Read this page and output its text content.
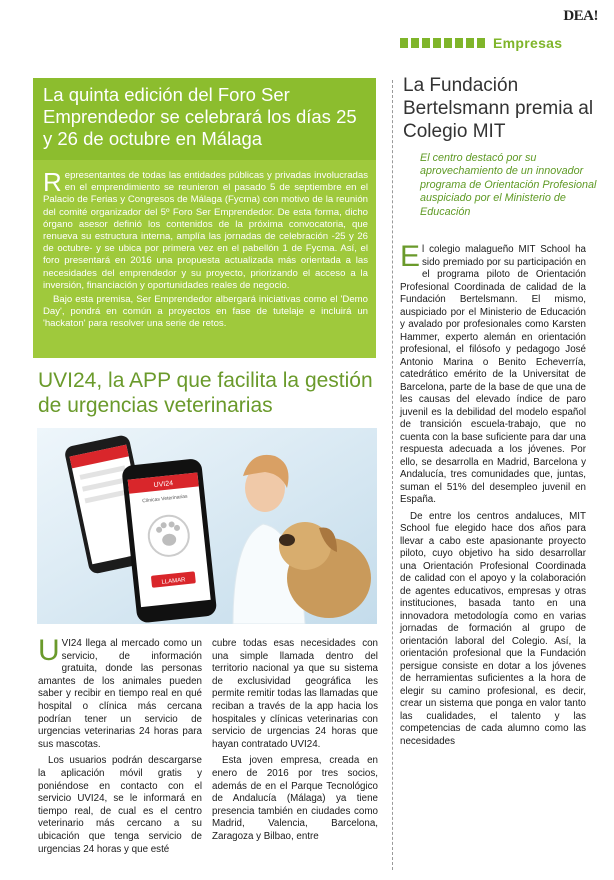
DEA!
Empresas
La quinta edición del Foro Ser Emprendedor se celebrará los días 25 y 26 de octubre en Málaga

Representantes de todas las entidades públicas y privadas involucradas en el emprendimiento se reunieron el pasado 5 de septiembre en el Palacio de Ferias y Congresos de Málaga (Fycma) con motivo de la reunión del comité organizador del 5º Foro Ser Emprendedor. De esta forma, dicho órgano asesor definió los contenidos de la próxima convocatoria, que renueva su estructura interna, amplía las jornadas de celebración -25 y 26 de octubre- y se ubica por primera vez en el pabellón 1 de Fycma. Así, el foro presentará en 2016 una propuesta actualizada más orientada a las necesidades del emprendedor y su proyecto, priorizando el acceso a la inversión, financiación y oportunidades reales de negocio.

Bajo esta premisa, Ser Emprendedor albergará iniciativas como el 'Demo Day', pondrá en común a proyectos en fase de tutelaje e incluirá un 'hackaton' para resolver una serie de retos.

UVI24, la APP que facilita la gestión de urgencias veterinarias
UVI24
Clínicas Veterinarias
LLAMAR

UVI24 llega al mercado como un servicio, de información gratuita, donde las personas amantes de los animales pueden saber y recibir en tiempo real en qué hospital o clínica más cercana podrían tener un servicio de urgencias veterinarias 24 horas para sus mascotas.

Los usuarios podrán descargarse la aplicación móvil gratis y poniéndose en contacto con el servicio UVI24, se le informará en tiempo real, de cual es el centro veterinario más cercano a su ubicación que tenga servicio de urgencias 24 horas y que esté

cubre todas esas necesidades con una simple llamada dentro del territorio nacional ya que su sistema de exclusividad geográfica les permite remitir todas las llamadas que reciban a través de la app hacia los hospitales y clínicas veterinarias con servicio de urgencias 24 horas que hayan contratado UVI24.

Esta joven empresa, creada en enero de 2016 por tres socios, además de en el Parque Tecnológico de Andalucía (Málaga) ya tiene presencia también en ciudades como Madrid, Valencia, Barcelona, Zaragoza y Bilbao, entre

La Fundación Bertelsmann premia al Colegio MIT

El centro destacó por su aprovechamiento de un innovador programa de Orientación Profesional auspiciado por el Ministerio de Educación

El colegio malagueño MIT School ha sido premiado por su participación en el programa piloto de Orientación Profesional Coordinada de calidad de la Fundación Bertelsmann. El mismo, auspiciado por el Ministerio de Educación y avalado por profesionales como Karsten Hammer, experto alemán en orientación profesional, el filósofo y pedagogo José Antonio Marina o Benito Echeverría, catedrático emérito de la Universitat de Barcelona, parte de la base de que una de les causas del elevado índice de paro juvenil es la debilidad del modelo español de transición escuela-trabajo, que no cuenta con la base suficiente para dar una respuesta adecuada a los jóvenes. Por ello, se desarrolla en Madrid, Barcelona y Andalucía, tres comunidades que, juntas, suman el 51% del desempleo juvenil en España.

De entre los centros andaluces, MIT School fue elegido hace dos años para llevar a cabo este apasionante proyecto piloto, cuyo objetivo ha sido desarrollar una Orientación Profesional Coordinada de calidad con el apoyo y la colaboración de agentes educativos, empresas y otras instituciones, basada tanto en una innovadora metodología como en varias jornadas de formación al grupo de orientación laboral del Colegio. Así, la orientación profesional que la Fundación persigue consiste en dotar a los jóvenes de herramientas suficientes a la hora de elegir su camino profesional, es decir, crear un sistema que ponga en valor tanto las cualidades, el talento y las competencias de cada alumno como las necesidades
